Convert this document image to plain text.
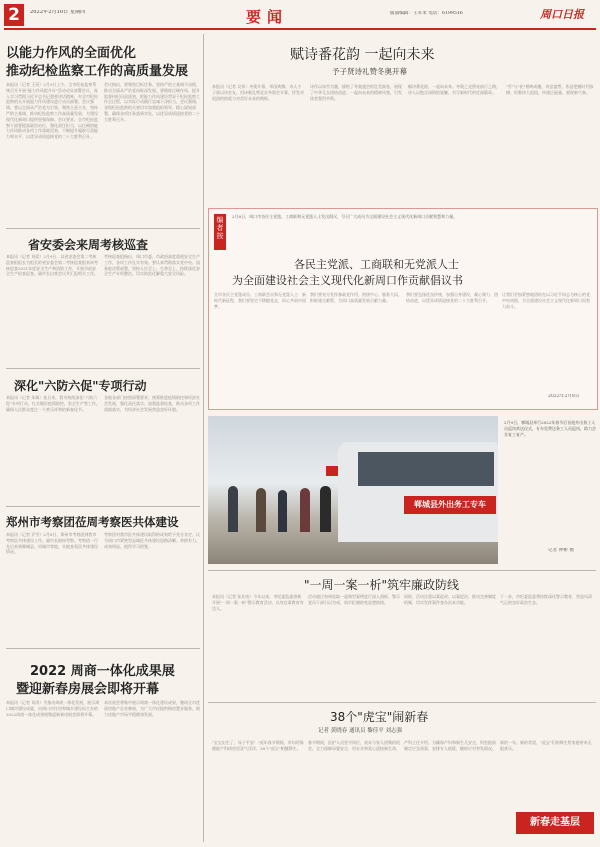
2	2022年2月10日 星期四	要闻	版面编辑：王军米 电话：6199516	周口日报
以能力作风的全面优化
推动纪检监察工作的高质量发展
本报讯（记者 王珂）2月9日上午，全市纪检监察系统召开开展"能力作风提升年"活动动员部署会议，深入学习贯彻习近平总书记重要讲话精神，对全市纪检监察机关开展能力作风建设进行动员部署。会议强调，要以全面从严治党为引领，聚焦主责主业，坚持严的主基调，推动纪检监察工作高质量发展，为建设现代化新周口提供坚强保障。会议要求，全市纪检监察干部要提高政治站位，强化责任担当，以过硬的能力作风推动各项工作落地见效，不断提升履职尽责能力和水平，以优异成绩迎接党的二十大胜利召开。
会议指出，要聚焦目标任务，坚持严的主基调不动摇，推动全面从严治党向纵深发展。要锤炼过硬作风，提升监督执纪问责质效，把能力作风建设贯穿于纪检监察工作全过程，以实际行动践行忠诚干净担当。会议强调，各级纪检监察机关要切实加强组织领导，精心谋划部署，确保各项任务落到实处，以优异成绩迎接党的二十大胜利召开。
省安委会来周考核巡查
本报讯（记者 刘爱）2月9日，以省安委会第二考核巡查组组长为组长的省安委会第二考核巡查组来周考核巡查2021年度安全生产和消防工作，开展节前安全生产检查巡查。副市长出席会议并汇报相关工作。
考核巡查组指出，周口市委、市政府高度重视安全生产工作，各项工作扎实有效。要认真贯彻落实党中央、国务院决策部署，坚持人民至上、生命至上，持续深化安全生产专项整治，切实防范化解重大安全风险。
深化"六防六促"专项行动
本报讯（记者 朱瑞）连日来，我市持续深化"六防六促"专项行动，扎实做好疫情防控、安全生产等工作，确保人民群众度过一个欢乐祥和的新春佳节。
各地各部门按照部署要求，统筹推进疫情防控和经济社会发展，强化责任落实，加强监督检查，推动各项工作落细落实，为经济社会发展营造良好环境。
郑州市考察团莅周考察医共体建设
本报讯（记者 乔雪）2月8日，郑州市考察团到我市考察医共体建设工作。副市长陪同考察。考察团一行先后来到郸城县、项城市等地，实地查看医共体建设情况。
考察团对我市医共体建设取得的成效给予充分肯定，认为周口市紧密型县域医共体建设思路清晰、举措有力、成效明显，值得学习借鉴。
2022 周商一体化成果展
暨迎新春房展会即将开幕
本报讯（记者 刘涛）为推动周商一体化发展，展示周口城市建设成就，由周口市住房和城乡建设局主办的2022周商一体化成果展暨迎新春房展会即将开幕。
本次展会将集中展示周商一体化建设成果，邀请全市优质房地产企业参展，为广大市民提供购房置业服务，助力房地产市场平稳健康发展。
赋诗番花韵 一起向未来
予子贤诗礼赞冬奥开幕
本报讯（记者 吴伟）冬奥开幕，举国欢腾。诗人予子贤以诗会友，用诗歌礼赞北京冬奥会开幕，抒发对祖国的热爱与对美好未来的期盼。
诗作以冰雪为题，描绘了冬奥盛会的壮美画卷，展现了中华儿女团结奋进、一起向未来的精神风貌，引发读者强烈共鸣。
赋诗番花韵，一起向未来。冬奥之光照亮前行之路，诗人以饱含深情的笔触，书写新时代的壮丽篇章。
"雪"与"花"相映成趣，诗意盎然。作品把握时代脉搏，讴歌伟大祖国，传递正能量，展现新气象。
编者按
2月8日，周口市各民主党派、工商联和无党派人士发出倡议，号召广大成员为全面建设社会主义现代化新周口贡献智慧和力量。
各民主党派、工商联和无党派人士
为全面建设社会主义现代化新周口作贡献倡议书
全市各民主党派成员、工商联会员和无党派人士：新时代新征程，我们要坚定不移跟党走，同心共筑中国梦。
我们要充分发挥参政党作用，围绕中心、服务大局，积极建言献策，为周口高质量发展贡献力量。
我们要弘扬优良传统，加强自身建设，凝心聚力、团结奋进，以优异成绩迎接党的二十大胜利召开。
让我们更加紧密地团结在以习近平同志为核心的党中央周围，为全面建设社会主义现代化新周口而努力奋斗。
2022年2月8日
郸城县外出务工专车
2月9日，郸城县举行2022年春节后首批外出务工人员返岗欢送仪式，专车免费送务工人员返岗，助力企业复工复产。
记者 钟彬 摄
"一周一案一析"筑牢廉政防线
本报讯（记者 张亚南）今年以来，市纪委监委创新开展"一周一案一析"警示教育活动，以身边事教育身边人。
活动通过每周选取一起典型案例进行深入剖析，警示党员干部引以为戒，筑牢拒腐防变思想防线。
同时，活动注重以案促改、以案促治，推动完善制度机制，切实发挥案件查办治本功能。
下一步，市纪委监委将持续深化警示教育，营造风清气正的良好政治生态。
38个"虎宝"闹新春
记者 黄晓春 通讯员 黎佳平 刘志强
"宝宝出生了，母子平安！"虎年春节期间，市妇幼保健院产科病房里喜气洋洋，38个"虎宝"相继降生。
春节期间，医护人员坚守岗位，放弃与家人团聚的机会，全力保障母婴安全，用专业和爱心迎接新生命。
产科主任介绍，为确保产妇和新生儿安全，科室提前制定应急预案，安排专人值班，随时应对突发情况。
新的一年，新的希望，"虎宝"们的降生给家庭带来无限欢乐。
新春走基层
